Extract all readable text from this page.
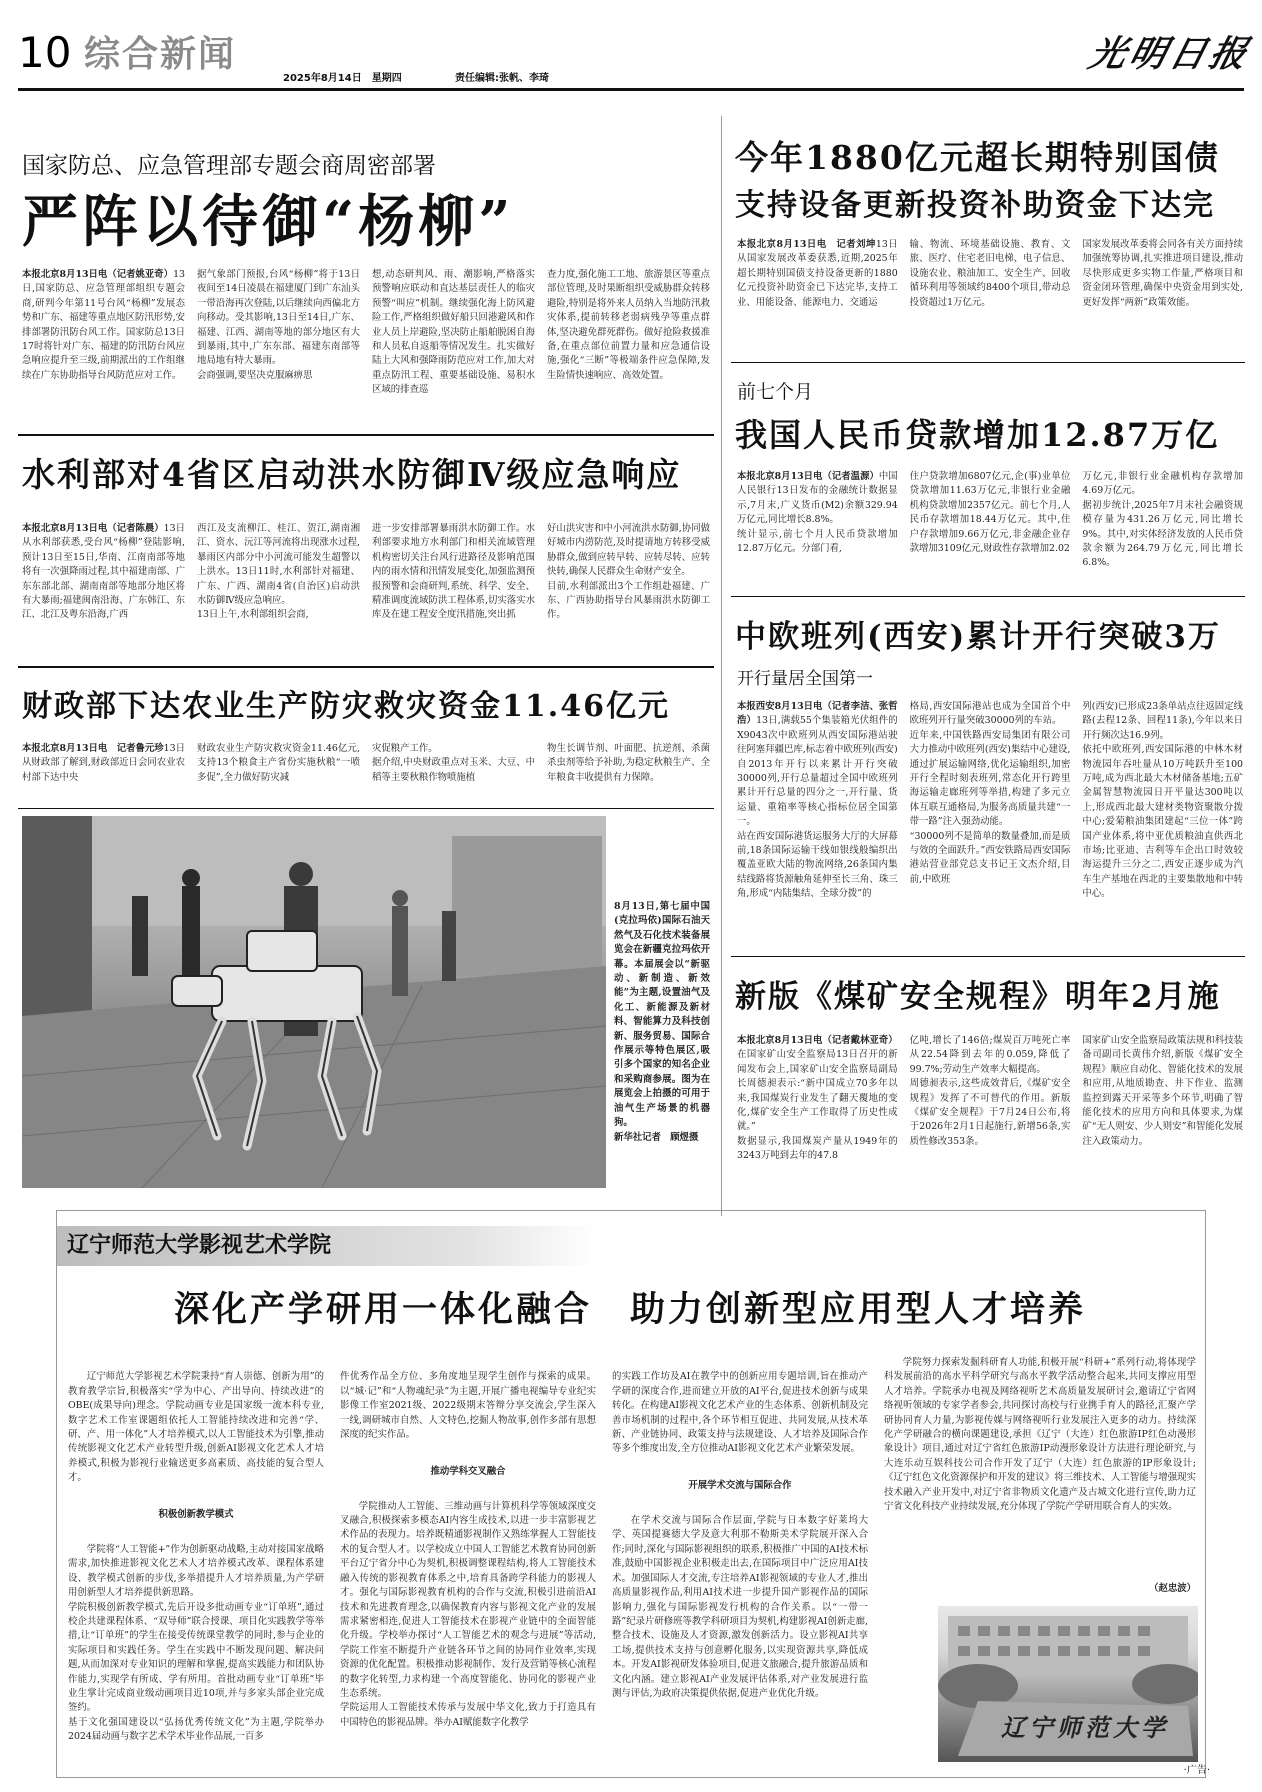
10 综合新闻
2025年8月14日　星期四	责任编辑:张帆、李琦
光明日报
国家防总、应急管理部专题会商周密部署
严阵以待御“杨柳”
本报北京8月13日电（记者姚亚奇）13日,国家防总、应急管理部组织专题会商,研判今年第11号台风“杨柳”发展态势和广东、福建等重点地区防汛形势,安排部署防汛防台风工作。国家防总13日17时将针对广东、福建的防汛防台风应急响应提升至三级,前期派出的工作组继续在广东协助指导台风防范应对工作。
据气象部门预报,台风“杨柳”将于13日夜间至14日凌晨在福建厦门到广东汕头一带沿海再次登陆,以后继续向西偏北方向移动。受其影响,13日至14日,广东、福建、江西、湖南等地的部分地区有大到暴雨,其中,广东东部、福建东南部等地局地有特大暴雨。
会商强调,要坚决克服麻痹思
想,动态研判风、雨、潮影响,严格落实预警响应联动和直达基层责任人的临灾预警“叫应”机制。继续强化海上防风避险工作,严格组织做好船只回港避风和作业人员上岸避险,坚决防止船舶脱困自海和人员私自返船等情况发生。扎实做好陆上大风和强降雨防范应对工作,加大对重点防汛工程、重要基础设施、易积水区域的排查巡
查力度,强化施工工地、旅游景区等重点部位管理,及时果断组织受威胁群众转移避险,特别是将外来人员纳入当地防汛救灾体系,提前转移老弱病残孕等重点群体,坚决避免群死群伤。做好抢险救援准备,在重点部位前置力量和应急通信设施,强化“三断”等极端条件应急保障,发生险情快速响应、高效处置。
水利部对4省区启动洪水防御Ⅳ级应急响应
本报北京8月13日电（记者陈晨）13日从水利部获悉,受台风“杨柳”登陆影响,预计13日至15日,华南、江南南部等地将有一次强降雨过程,其中福建南部、广东东部北部、湖南南部等地部分地区将有大暴雨;福建闽南沿海、广东韩江、东江、北江及粤东沿海,广西
西江及支流柳江、桂江、贺江,湖南湘江、资水、沅江等河流将出现涨水过程,暴雨区内部分中小河流可能发生超警以上洪水。13日11时,水利部针对福建、广东、广西、湖南4省(自治区)启动洪水防御Ⅳ级应急响应。
13日上午,水利部组织会商,
进一步安排部署暴雨洪水防御工作。水利部要求地方水利部门和相关流域管理机构密切关注台风行进路径及影响范围内的雨水情和汛情发展变化,加强监测预报预警和会商研判,系统、科学、安全、精准调度流域防洪工程体系,切实落实水库及在建工程安全度汛措施,突出抓
好山洪灾害和中小河流洪水防御,协同做好城市内涝防范,及时提请地方转移受威胁群众,做到应转早转、应转尽转、应转快转,确保人民群众生命财产安全。
目前,水利部派出3个工作组赴福建、广东、广西协助指导台风暴雨洪水防御工作。
财政部下达农业生产防灾救灾资金11.46亿元
本报北京8月13日电　记者鲁元珍13日从财政部了解到,财政部近日会同农业农村部下达中央
财政农业生产防灾救灾资金11.46亿元,支持13个粮食主产省份实施秋粮“一喷多促”,全力做好防灾减
灾促粮产工作。
据介绍,中央财政重点对玉米、大豆、中稻等主要秋粮作物喷施植
物生长调节剂、叶面肥、抗逆剂、杀菌杀虫剂等给予补助,为稳定秋粮生产、全年粮食丰收提供有力保障。
8月13日,第七届中国(克拉玛依)国际石油天然气及石化技术装备展览会在新疆克拉玛依开幕。本届展会以“新驱动、新制造、新效能”为主题,设置油气及化工、新能源及新材料、智能算力及科技创新、服务贸易、国际合作展示等特色展区,吸引多个国家的知名企业和采购商参展。图为在展览会上拍摄的可用于油气生产场景的机器狗。
新华社记者　顾煜摄
今年1880亿元超长期特别国债
支持设备更新投资补助资金下达完
本报北京8月13日电　记者刘坤13日从国家发展改革委获悉,近期,2025年超长期特别国债支持设备更新的1880亿元投资补助资金已下达完毕,支持工业、用能设备、能源电力、交通运
输、物流、环境基础设施、教育、文旅、医疗、住宅老旧电梯、电子信息、设施农业、粮油加工、安全生产、回收循环利用等领域约8400个项目,带动总投资超过1万亿元。
国家发展改革委将会同各有关方面持续加强统筹协调,扎实推进项目建设,推动尽快形成更多实物工作量,严格项目和资金闭环管理,确保中央资金用到实处,更好发挥“两新”政策效能。
前七个月
我国人民币贷款增加12.87万亿
本报北京8月13日电（记者温源）中国人民银行13日发布的金融统计数据显示,7月末,广义货币(M2)余额329.94万亿元,同比增长8.8%。
统计显示,前七个月人民币贷款增加12.87万亿元。分部门看,
住户贷款增加6807亿元,企(事)业单位贷款增加11.63万亿元,非银行业金融机构贷款增加2357亿元。前七个月,人民币存款增加18.44万亿元。其中,住户存款增加9.66万亿元,非金融企业存款增加3109亿元,财政性存款增加2.02
万亿元,非银行业金融机构存款增加4.69万亿元。
据初步统计,2025年7月末社会融资规模存量为431.26万亿元,同比增长9%。其中,对实体经济发放的人民币贷款余额为264.79万亿元,同比增长6.8%。
中欧班列(西安)累计开行突破3万
开行量居全国第一
本报西安8月13日电（记者李洁、张哲浩）13日,满载55个集装箱光伏组件的X9043次中欧班列从西安国际港站驶往阿塞拜疆巴库,标志着中欧班列(西安)自2013年开行以来累计开行突破30000列,开行总量超过全国中欧班列累计开行总量的四分之一,开行量、货运量、重箱率等核心指标位居全国第一。
站在西安国际港货运服务大厅的大屏幕前,18条国际运输干线如银线般编织出覆盖亚欧大陆的物流网络,26条国内集结线路将货源触角延伸至长三角、珠三角,形成“内陆集结、全球分拨”的
格局,西安国际港站也成为全国首个中欧班列开行量突破30000列的车站。
近年来,中国铁路西安局集团有限公司大力推动中欧班列(西安)集结中心建设,通过扩展运输网络,优化运输组织,加密开行全程时刻表班列,常态化开行跨里海运输走廊班列等举措,构建了多元立体互联互通格局,为服务高质量共建“一带一路”注入强劲动能。
“30000列不是简单的数量叠加,而是质与效的全面跃升。”西安铁路局西安国际港站营业部党总支书记王文杰介绍,目前,中欧班
列(西安)已形成23条单站点往返固定线路(去程12条、回程11条),今年以来日开行频次达16.9列。
依托中欧班列,西安国际港的中林木材物流园年吞吐量从10万吨跃升至100万吨,成为西北最大木材储备基地;五矿金属智慧物流园日开平量达300吨以上,形成西北最大建材类物资聚散分拨中心;爱菊粮油集团建起“三位一体”跨国产业体系,将中亚优质粮油直供西北市场;比亚迪、吉利等车企出口时效较海运提升三分之二,西安正逐步成为汽车生产基地在西北的主要集散地和中转中心。
新版《煤矿安全规程》明年2月施
本报北京8月13日电（记者戴林亚奇）在国家矿山安全监察局13日召开的新闻发布会上,国家矿山安全监察局副局长周德昶表示:“新中国成立70多年以来,我国煤炭行业发生了翻天覆地的变化,煤矿安全生产工作取得了历史性成就。”
数据显示,我国煤炭产量从1949年的3243万吨到去年的47.8
亿吨,增长了146倍;煤炭百万吨死亡率从22.54降到去年的0.059,降低了99.7%;劳动生产效率大幅提高。
周德昶表示,这些成效背后,《煤矿安全规程》发挥了不可替代的作用。新版《煤矿安全规程》于7月24日公布,将于2026年2月1日起施行,新增56条,实质性修改353条。
国家矿山安全监察局政策法规和科技装备司副司长黄伟介绍,新版《煤矿安全规程》顺应自动化、智能化技术的发展和应用,从地质勘查、井下作业、监测监控到露天开采等多个环节,明确了智能化技术的应用方向和具体要求,为煤矿“无人则安、少人则安”和智能化发展注入政策动力。
辽宁师范大学影视艺术学院
深化产学研用一体化融合　助力创新型应用型人才培养

辽宁师范大学影视艺术学院秉持“育人崇德、创新为用”的教育教学宗旨,积极落实“学为中心、产出导向、持续改进”的OBE(成果导向)理念。学院动画专业是国家级一流本科专业,数字艺术工作室课题组依托人工智能持续改进和完善“学、研、产、用一体化”人才培养模式,以人工智能技术为引擎,推动传统影视文化艺术产业转型升级,创新AI影视文化艺术人才培养模式,积极为影视行业输送更多高素质、高技能的复合型人才。

积极创新教学模式

学院将“人工智能+”作为创新驱动战略,主动对接国家战略需求,加快推进影视文化艺术人才培养模式改革、课程体系建设、教学模式创新的步伐,多举措提升人才培养质量,为产学研用创新型人才培养提供新思路。
学院积极创新教学模式,先后开设多批动画专业“订单班”,通过校企共建课程体系、“双导师”联合授课、项目化实践教学等举措,让“订单班”的学生在接受传统课堂教学的同时,参与企业的实际项目和实践任务。学生在实践中不断发现问题、解决问题,从而加深对专业知识的理解和掌握,提高实践能力和团队协作能力,实现学有所成、学有所用。首批动画专业“订单班”毕业生掌计完成商业级动画项目近10项,并与多家头部企业完成签约。
基于文化强国建设以“弘扬优秀传统文化”为主题,学院举办2024届动画与数字艺术学术毕业作品展,一百多

件优秀作品全方位、多角度地呈现学生创作与探索的成果。以“城·记”和“人物魂纪录”为主题,开展广播电视编导专业纪实影像工作室2021级、2022级期末答辩分享交流会,学生深入一线,调研城市自然、人文特色,挖掘人物故事,创作多部有思想深度的纪实作品。

推动学科交叉融合

学院推动人工智能、三维动画与计算机科学等领域深度交叉融合,积极探索多模态AI内容生成技术,以进一步丰富影视艺术作品的表现力。培养既精通影视制作又熟练掌握人工智能技术的复合型人才。以学校成立中国人工智能艺术教育协同创新平台辽宁省分中心为契机,积极调整课程结构,将人工智能技术融入传统的影视教育体系之中,培育具备跨学科能力的影视人才。强化与国际影视教育机构的合作与交流,积极引进前沿AI技术和先进教育理念,以确保教育内容与影视文化产业的发展需求紧密相连,促进人工智能技术在影视产业链中的全面智能化升级。学校举办探讨“人工智能艺术的观念与进展”等活动,学院工作室不断提升产业链各环节之间的协同作业效率,实现资源的优化配置。积极推动影视制作、发行及营销等核心流程的数字化转型,力求构建一个高度智能化、协同化的影视产业生态系统。
学院运用人工智能技术传承与发展中华文化,致力于打造具有中国特色的影视品牌。举办AI赋能数字化教学

的实践工作坊及AI在教学中的创新应用专题培训,旨在推动产学研的深度合作,进而建立开放的AI平台,促进技术创新与成果转化。在构建AI影视文化艺术产业的生态体系、创新机制及完善市场机制的过程中,各个环节相互促进、共同发展,从技术革新、产业链协同、政策支持与法规建设、人才培养及国际合作等多个维度出发,全方位推动AI影视文化艺术产业繁荣发展。

开展学术交流与国际合作

在学术交流与国际合作层面,学院与日本数字好莱坞大学、英国提赛德大学及意大利那不勒斯美术学院展开深入合作;同时,深化与国际影视组织的联系,积极推广中国的AI技术标准,鼓励中国影视企业积极走出去,在国际项目中广泛应用AI技术。加强国际人才交流,专注培养AI影视领域的专业人才,推出高质量影视作品,利用AI技术进一步提升国产影视作品的国际影响力,强化与国际影视发行机构的合作关系。以“一带一路”纪录片研修班等教学科研项目为契机,构建影视AI创新走廊,整合技术、设施及人才资源,激发创新活力。设立影视AI共享工场,提供技术支持与创意孵化服务,以实现资源共享,降低成本。开发AI影视研发体验项目,促进文旅融合,提升旅游品质和文化内涵。建立影视AI产业发展评估体系,对产业发展进行监测与评估,为政府决策提供依据,促进产业优化升级。

学院努力探索发掘科研育人功能,积极开展“科研+”系列行动,将体现学科发展前沿的高水平科学研究与高水平教学活动整合起来,共同支撑应用型人才培养。学院承办电视及网络视听艺术高质量发展研讨会,邀请辽宁省网络视听领域的专家学者参会,共同探讨高校与行业携手育人的路径,汇聚产学研协同育人力量,为影视传媒与网络视听行业发展注入更多的动力。持续深化产学研融合的横向课题建设,承担《辽宁（大连）红色旅游IP红色动漫形象设计》项目,通过对辽宁省红色旅游IP动漫形象设计方法进行理论研究,与大连乐动互娱科技公司合作开发了辽宁（大连）红色旅游的IP形象设计;《辽宁红色文化资源保护和开发的建议》将三维技术、人工智能与增强现实技术融入产业开发中,对辽宁省非物质文化遗产及古城文化进行宣传,助力辽宁省文化科技产业持续发展,充分体现了学院产学研用联合育人的实效。
（赵忠波）
辽宁师范大学
·广告·
